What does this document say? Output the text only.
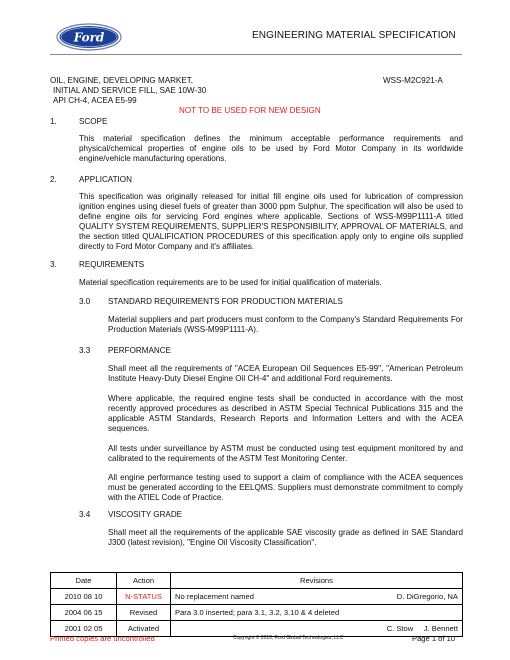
Ford	ENGINEERING MATERIAL SPECIFICATION
OIL, ENGINE, DEVELOPING MARKET,
INITIAL AND SERVICE FILL, SAE 10W-30
API CH-4, ACEA E5-99
WSS-M2C921-A
NOT TO BE USED FOR NEW DESIGN
1.	SCOPE
This material specification defines the minimum acceptable performance requirements and physical/chemical properties of engine oils to be used by Ford Motor Company in its worldwide engine/vehicle manufacturing operations.
2.	APPLICATION
This specification was originally released for initial fill engine oils used for lubrication of compression ignition engines using diesel fuels of greater than 3000 ppm Sulphur. The specification will also be used to define engine oils for servicing Ford engines where applicable. Sections of WSS-M99P1111-A titled QUALITY SYSTEM REQUIREMENTS, SUPPLIER'S RESPONSIBILITY, APPROVAL OF MATERIALS, and the section titled QUALIFICATION PROCEDURES of this specification apply only to engine oils supplied directly to Ford Motor Company and it's affiliates.
3.	REQUIREMENTS
Material specification requirements are to be used for initial qualification of materials.
3.0 STANDARD REQUIREMENTS FOR PRODUCTION MATERIALS
Material suppliers and part producers must conform to the Company's Standard Requirements For Production Materials (WSS-M99P1111-A).
3.3 PERFORMANCE
Shall meet all the requirements of "ACEA European Oil Sequences E5-99", "American Petroleum Institute Heavy-Duty Diesel Engine Oil CH-4" and additional Ford requirements.
Where applicable, the required engine tests shall be conducted in accordance with the most recently approved procedures as described in ASTM Special Technical Publications 315 and the applicable ASTM Standards, Research Reports and Information Letters and with the ACEA sequences.
All tests under surveillance by ASTM must be conducted using test equipment monitored by and calibrated to the requirements of the ASTM Test Monitoring Center.
All engine performance testing used to support a claim of compliance with the ACEA sequences must be generated according to the EELQMS. Suppliers must demonstrate commitment to comply with the ATIEL Code of Practice.
3.4 VISCOSITY GRADE
Shall meet all the requirements of the applicable SAE viscosity grade as defined in SAE Standard J300 (latest revision), "Engine Oil Viscosity Classification".
Date	Action	Revisions
2010 08 10	N-STATUS	No replacement named D. DiGregorio, NA

2004 06 15	Revised	Para 3.0 inserted; para 3.1, 3.2, 3.10 & 4 deleted

2001 02 05	Activated	C. Stow     J. Bennett
Printed copies are uncontrolled	Copyright © 2010, Ford Global Technologies, LLC	Page 1 of 10
